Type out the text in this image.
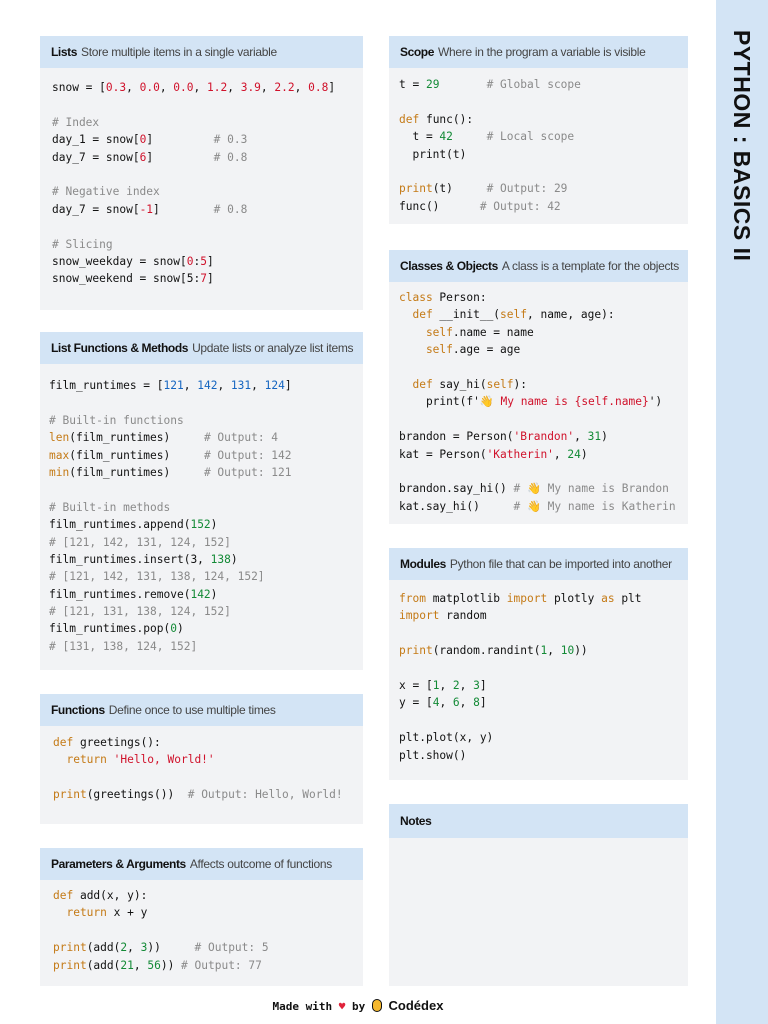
PYTHON : BASICS II
Lists Store multiple items in a single variable
snow = [0.3, 0.0, 0.0, 1.2, 3.9, 2.2, 0.8]
# Index
day_1 = snow[0]         # 0.3
day_7 = snow[6]         # 0.8
# Negative index
day_7 = snow[-1]        # 0.8
# Slicing
snow_weekday = snow[0:5]
snow_weekend = snow[5:7]
List Functions & Methods Update lists or analyze list items
film_runtimes = [121, 142, 131, 124]
# Built-in functions
len(film_runtimes)     # Output: 4
max(film_runtimes)     # Output: 142
min(film_runtimes)     # Output: 121
# Built-in methods
film_runtimes.append(152)
# [121, 142, 131, 124, 152]
film_runtimes.insert(3, 138)
# [121, 142, 131, 138, 124, 152]
film_runtimes.remove(142)
# [121, 131, 138, 124, 152]
film_runtimes.pop(0)
# [131, 138, 124, 152]
Functions Define once to use multiple times
def greetings():
return 'Hello, World!'
print(greetings())  # Output: Hello, World!
Parameters & Arguments Affects outcome of functions
def add(x, y):
return x + y
print(add(2, 3))     # Output: 5
print(add(21, 56)) # Output: 77
Scope Where in the program a variable is visible
t = 29       # Global scope
def func():
t = 42     # Local scope
print(t)
print(t)     # Output: 29
func()      # Output: 42
Classes & Objects A class is a template for the objects
class Person:
def __init__(self, name, age):
self.name = name
self.age = age
def say_hi(self):
print(f'👋 My name is {self.name}')
brandon = Person('Brandon', 31)
kat = Person('Katherin', 24)
brandon.say_hi() # 👋 My name is Brandon
kat.say_hi()     # 👋 My name is Katherin
Modules Python file that can be imported into another
from matplotlib import plotly as plt
import random
print(random.randint(1, 10))
x = [1, 2, 3]
y = [4, 6, 8]
plt.plot(x, y)
plt.show()
Notes
Made with ♥ by Codédex
